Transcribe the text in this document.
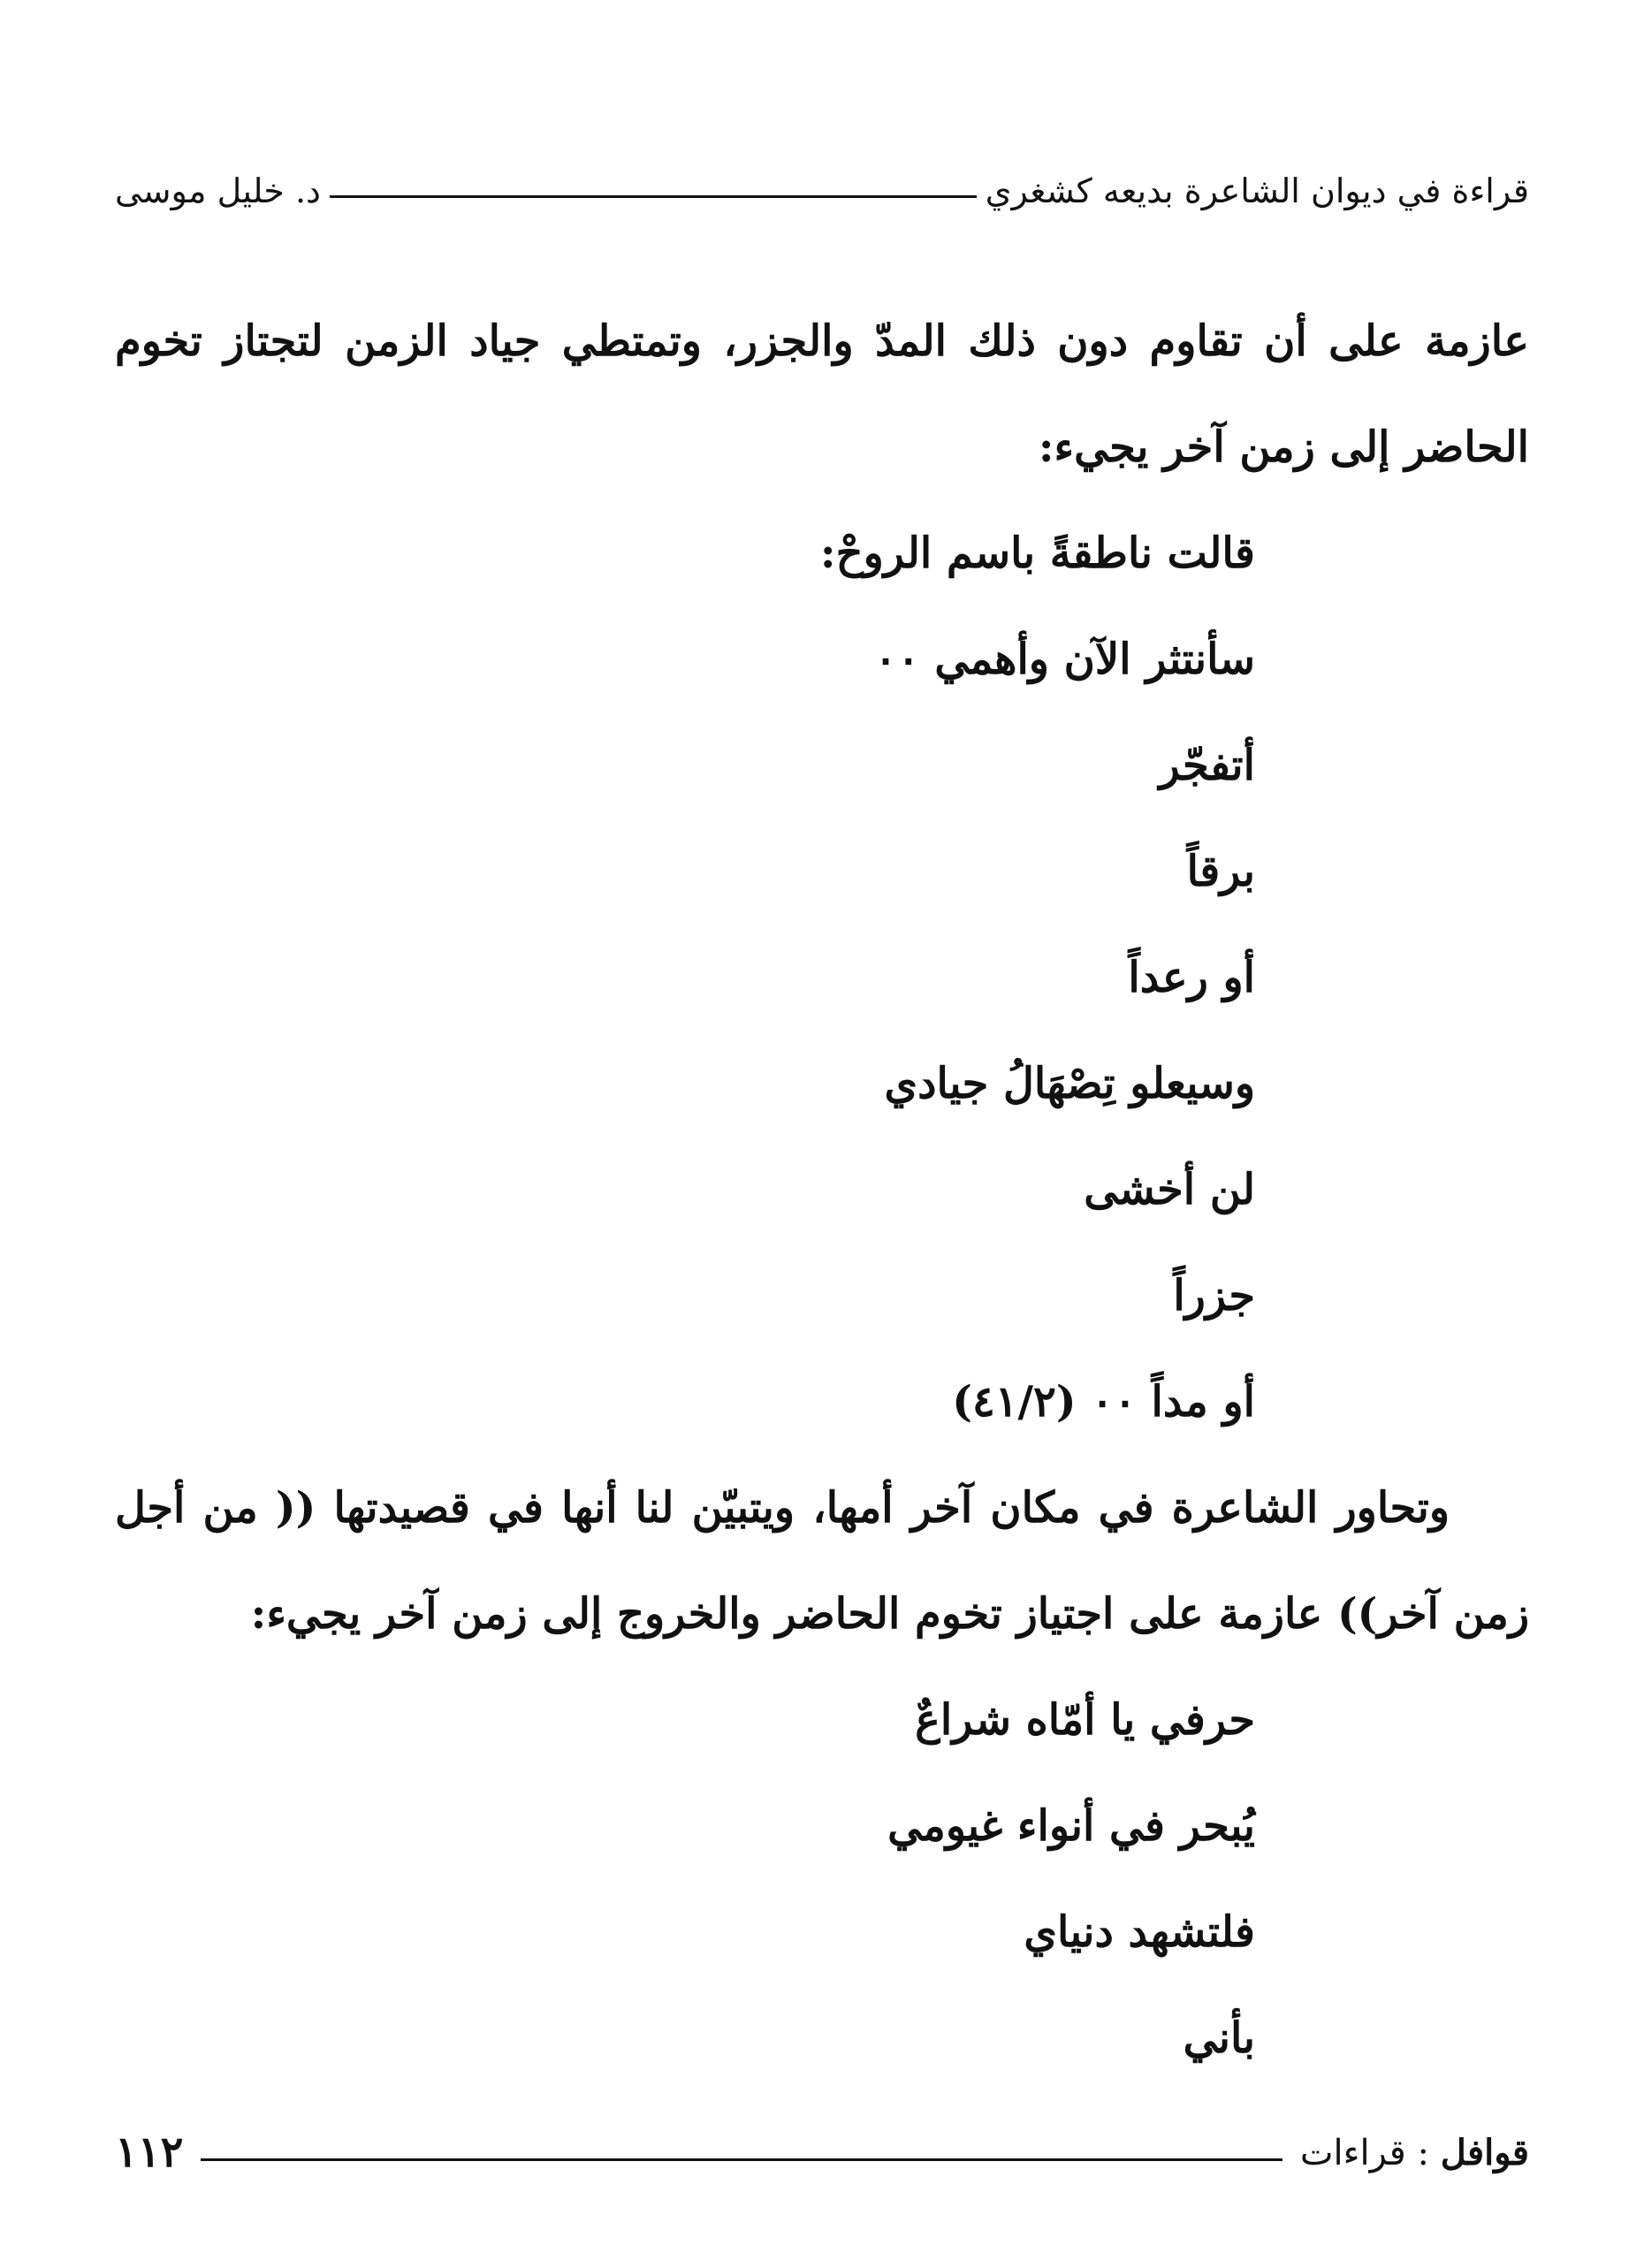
قراءة في ديوان الشاعرة بديعه كشغري
د. خليل موسى

عازمة على أن تقاوم دون ذلك المدّ والجزر، وتمتطي جياد الزمن لتجتاز تخوم الحاضر إلى زمن آخر يجيء:

قالت ناطقةً باسم الروحْ:
سأنتثر الآن وأهمي ٠٠
أتفجّر
برقاً
أو رعداً
وسيعلو تِصْهَالُ جيادي
لن أخشى
جزراً
أو مداً ٠٠ (٤١/٢)

وتحاور الشاعرة في مكان آخر أمها، ويتبيّن لنا أنها في قصيدتها (( من أجل زمن آخر)) عازمة على اجتياز تخوم الحاضر والخروج إلى زمن آخر يجيء:

حرفي يا أمّاه شراعٌ
يُبحر في أنواء غيومي
فلتشهد دنياي
بأني
قوافل : قراءات
١١٢
